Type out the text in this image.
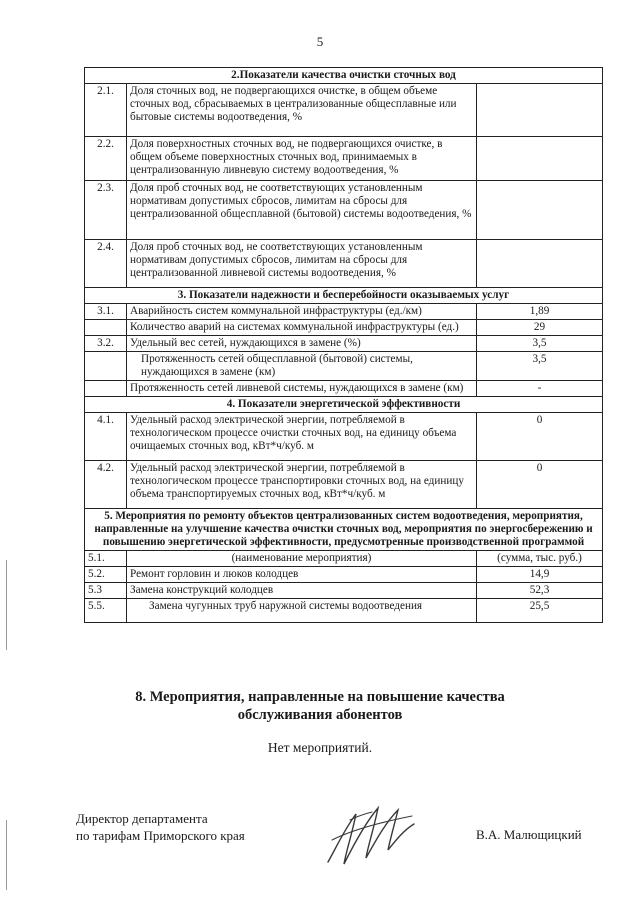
5
2.Показатели качества очистки сточных вод		
2.1.	Доля сточных вод, не подвергающихся очистке, в общем объеме сточных вод, сбрасываемых в централизованные общесплавные или бытовые системы водоотведения, %	
2.2.	Доля поверхностных сточных вод, не подвергающихся очистке, в общем объеме поверхностных сточных вод, принимаемых в централизованную ливневую систему водоотведения, %	
2.3.	Доля проб сточных вод, не соответствующих установленным нормативам допустимых сбросов, лимитам на сбросы для централизованной общесплавной (бытовой) системы водоотведения, %	
2.4.	Доля проб сточных вод, не соответствующих установленным нормативам допустимых сбросов, лимитам на сбросы для централизованной ливневой системы водоотведения, %	
3. Показатели надежности и бесперебойности оказываемых услуг		
3.1.	Аварийность систем коммунальной инфраструктуры (ед./км)	1,89
	Количество аварий на системах коммунальной инфраструктуры (ед.)	29
3.2.	Удельный вес сетей, нуждающихся в замене (%)	3,5
	Протяженность сетей общесплавной (бытовой) системы, нуждающихся в замене (км)	3,5
	Протяженность сетей ливневой системы, нуждающихся в замене (км)	-
4. Показатели энергетической эффективности		
4.1.	Удельный расход электрической энергии, потребляемой в технологическом процессе очистки сточных вод, на единицу объема очищаемых сточных вод, кВт*ч/куб. м	0
4.2.	Удельный расход электрической энергии, потребляемой в технологическом процессе транспортировки сточных вод, на единицу объема транспортируемых сточных вод, кВт*ч/куб. м	0
5. Мероприятия по ремонту объектов централизованных систем водоотведения, мероприятия, направленные на улучшение качества очистки сточных вод, мероприятия по энергосбережению и повышению энергетической эффективности, предусмотренные производственной программой		
5.1.	(наименование мероприятия)	(сумма, тыс. руб.)
5.2.	Ремонт горловин и люков колодцев	14,9
5.3	Замена конструкций колодцев	52,3
5.5.	Замена чугунных труб наружной системы водоотведения	25,5
8. Мероприятия, направленные на повышение качества
обслуживания абонентов
Нет мероприятий.
Директор департамента
по тарифам Приморского края	В.А. Малющицкий
